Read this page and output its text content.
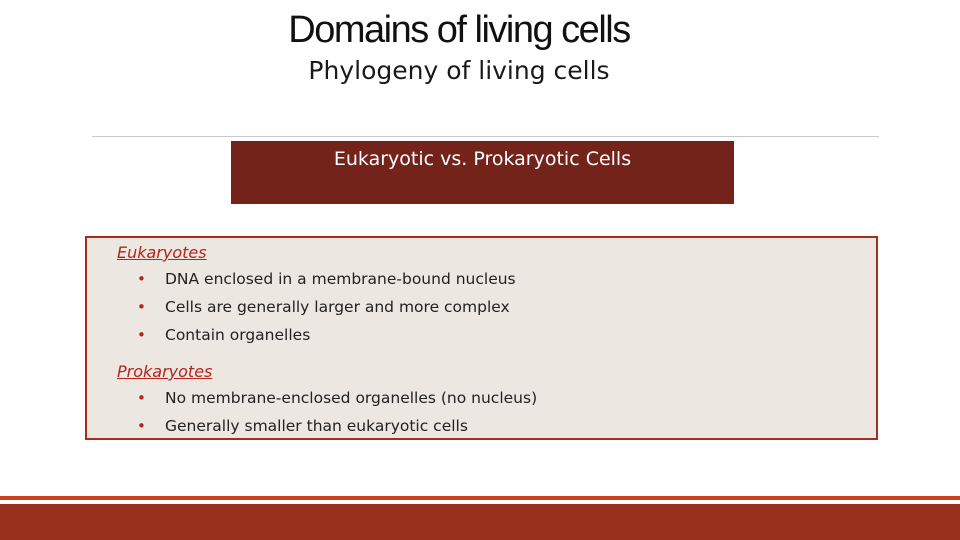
Domains of living cells
Phylogeny of living cells
Eukaryotic vs. Prokaryotic Cells
Eukaryotes
• DNA enclosed in a membrane-bound nucleus
• Cells are generally larger and more complex
• Contain organelles
Prokaryotes
• No membrane-enclosed organelles (no nucleus)
• Generally smaller than eukaryotic cells
